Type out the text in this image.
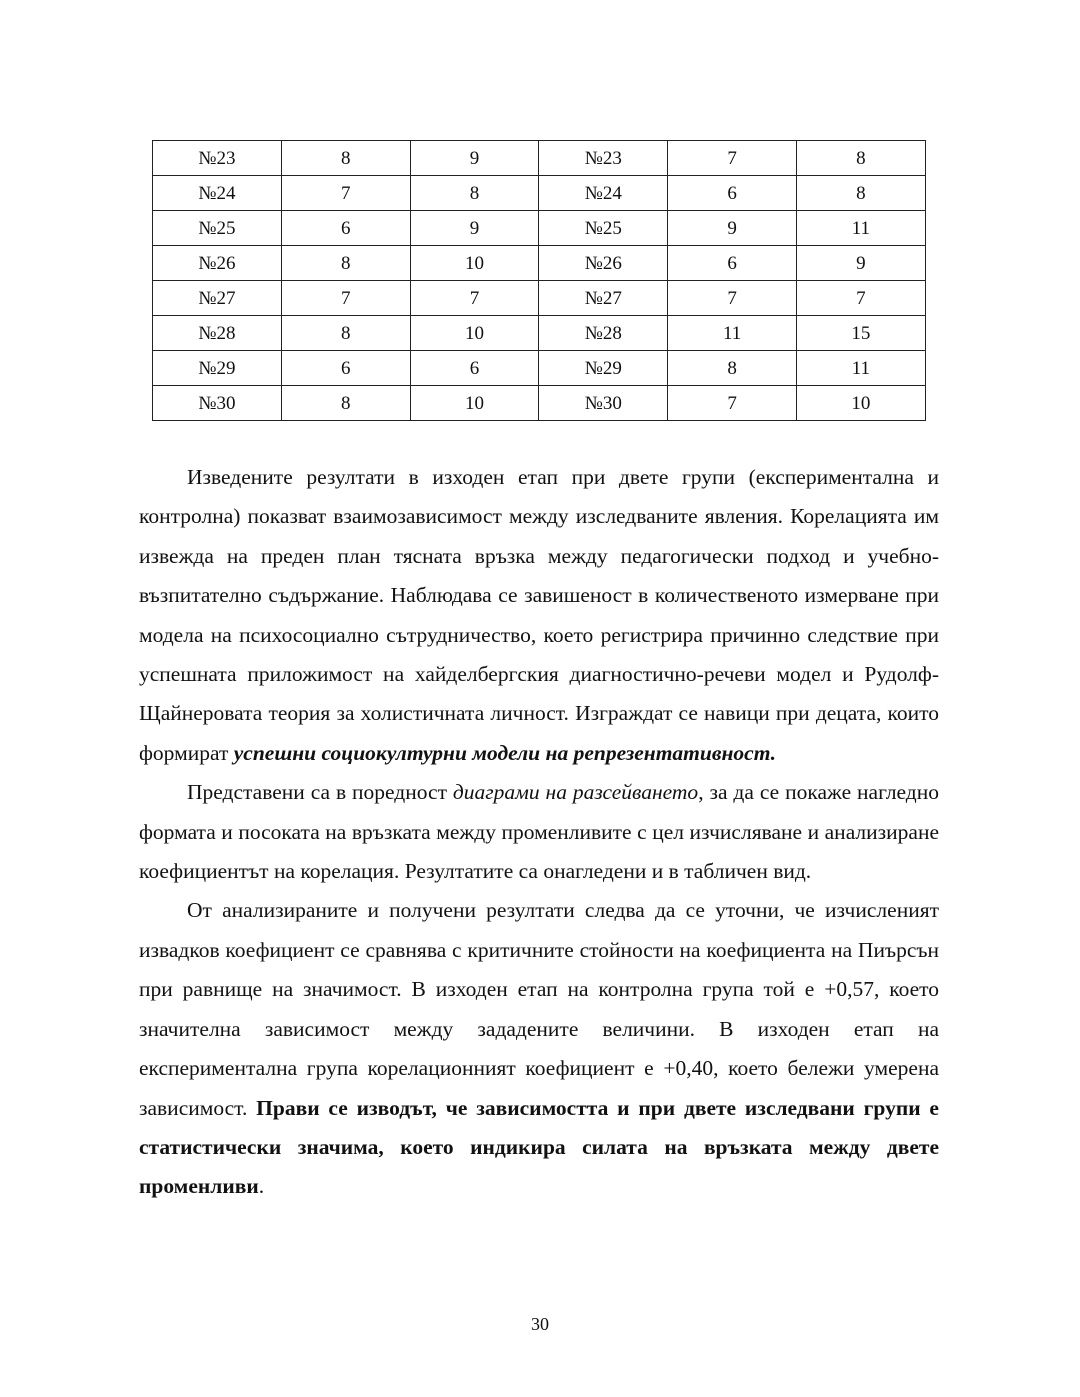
№23	8	9	№23	7	8
№24	7	8	№24	6	8
№25	6	9	№25	9	11
№26	8	10	№26	6	9
№27	7	7	№27	7	7
№28	8	10	№28	11	15
№29	6	6	№29	8	11
№30	8	10	№30	7	10

Изведените резултати в изходен етап при двете групи (експериментална и контролна) показват взаимозависимост между изследваните явления. Корелацията им извежда на преден план тясната връзка между педагогически подход и учебно-възпитателно съдържание. Наблюдава се завишеност в количественото измерване при модела на психосоциално сътрудничество, което регистрира причинно следствие при успешната приложимост на хайделбергския диагностично-речеви модел и Рудолф-Щайнеровата теория за холистичната личност. Изграждат се навици при децата, които формират успешни социокултурни модели на репрезентативност.

Представени са в поредност диаграми на разсейването, за да се покаже нагледно формата и посоката на връзката между променливите с цел изчисляване и анализиране коефициентът на корелация. Резултатите са онагледени и в табличен вид.

От анализираните и получени резултати следва да се уточни, че изчисленият извадков коефициент се сравнява с критичните стойности на коефициента на Пиърсън при равнище на значимост. В изходен етап на контролна група той е +0,57, което значителна зависимост между зададените величини. В изходен етап на експериментална група корелационният коефициент е +0,40, което бележи умерена зависимост. Прави се изводът, че зависимостта и при двете изследвани групи е статистически значима, което индикира силата на връзката между двете променливи.

30
